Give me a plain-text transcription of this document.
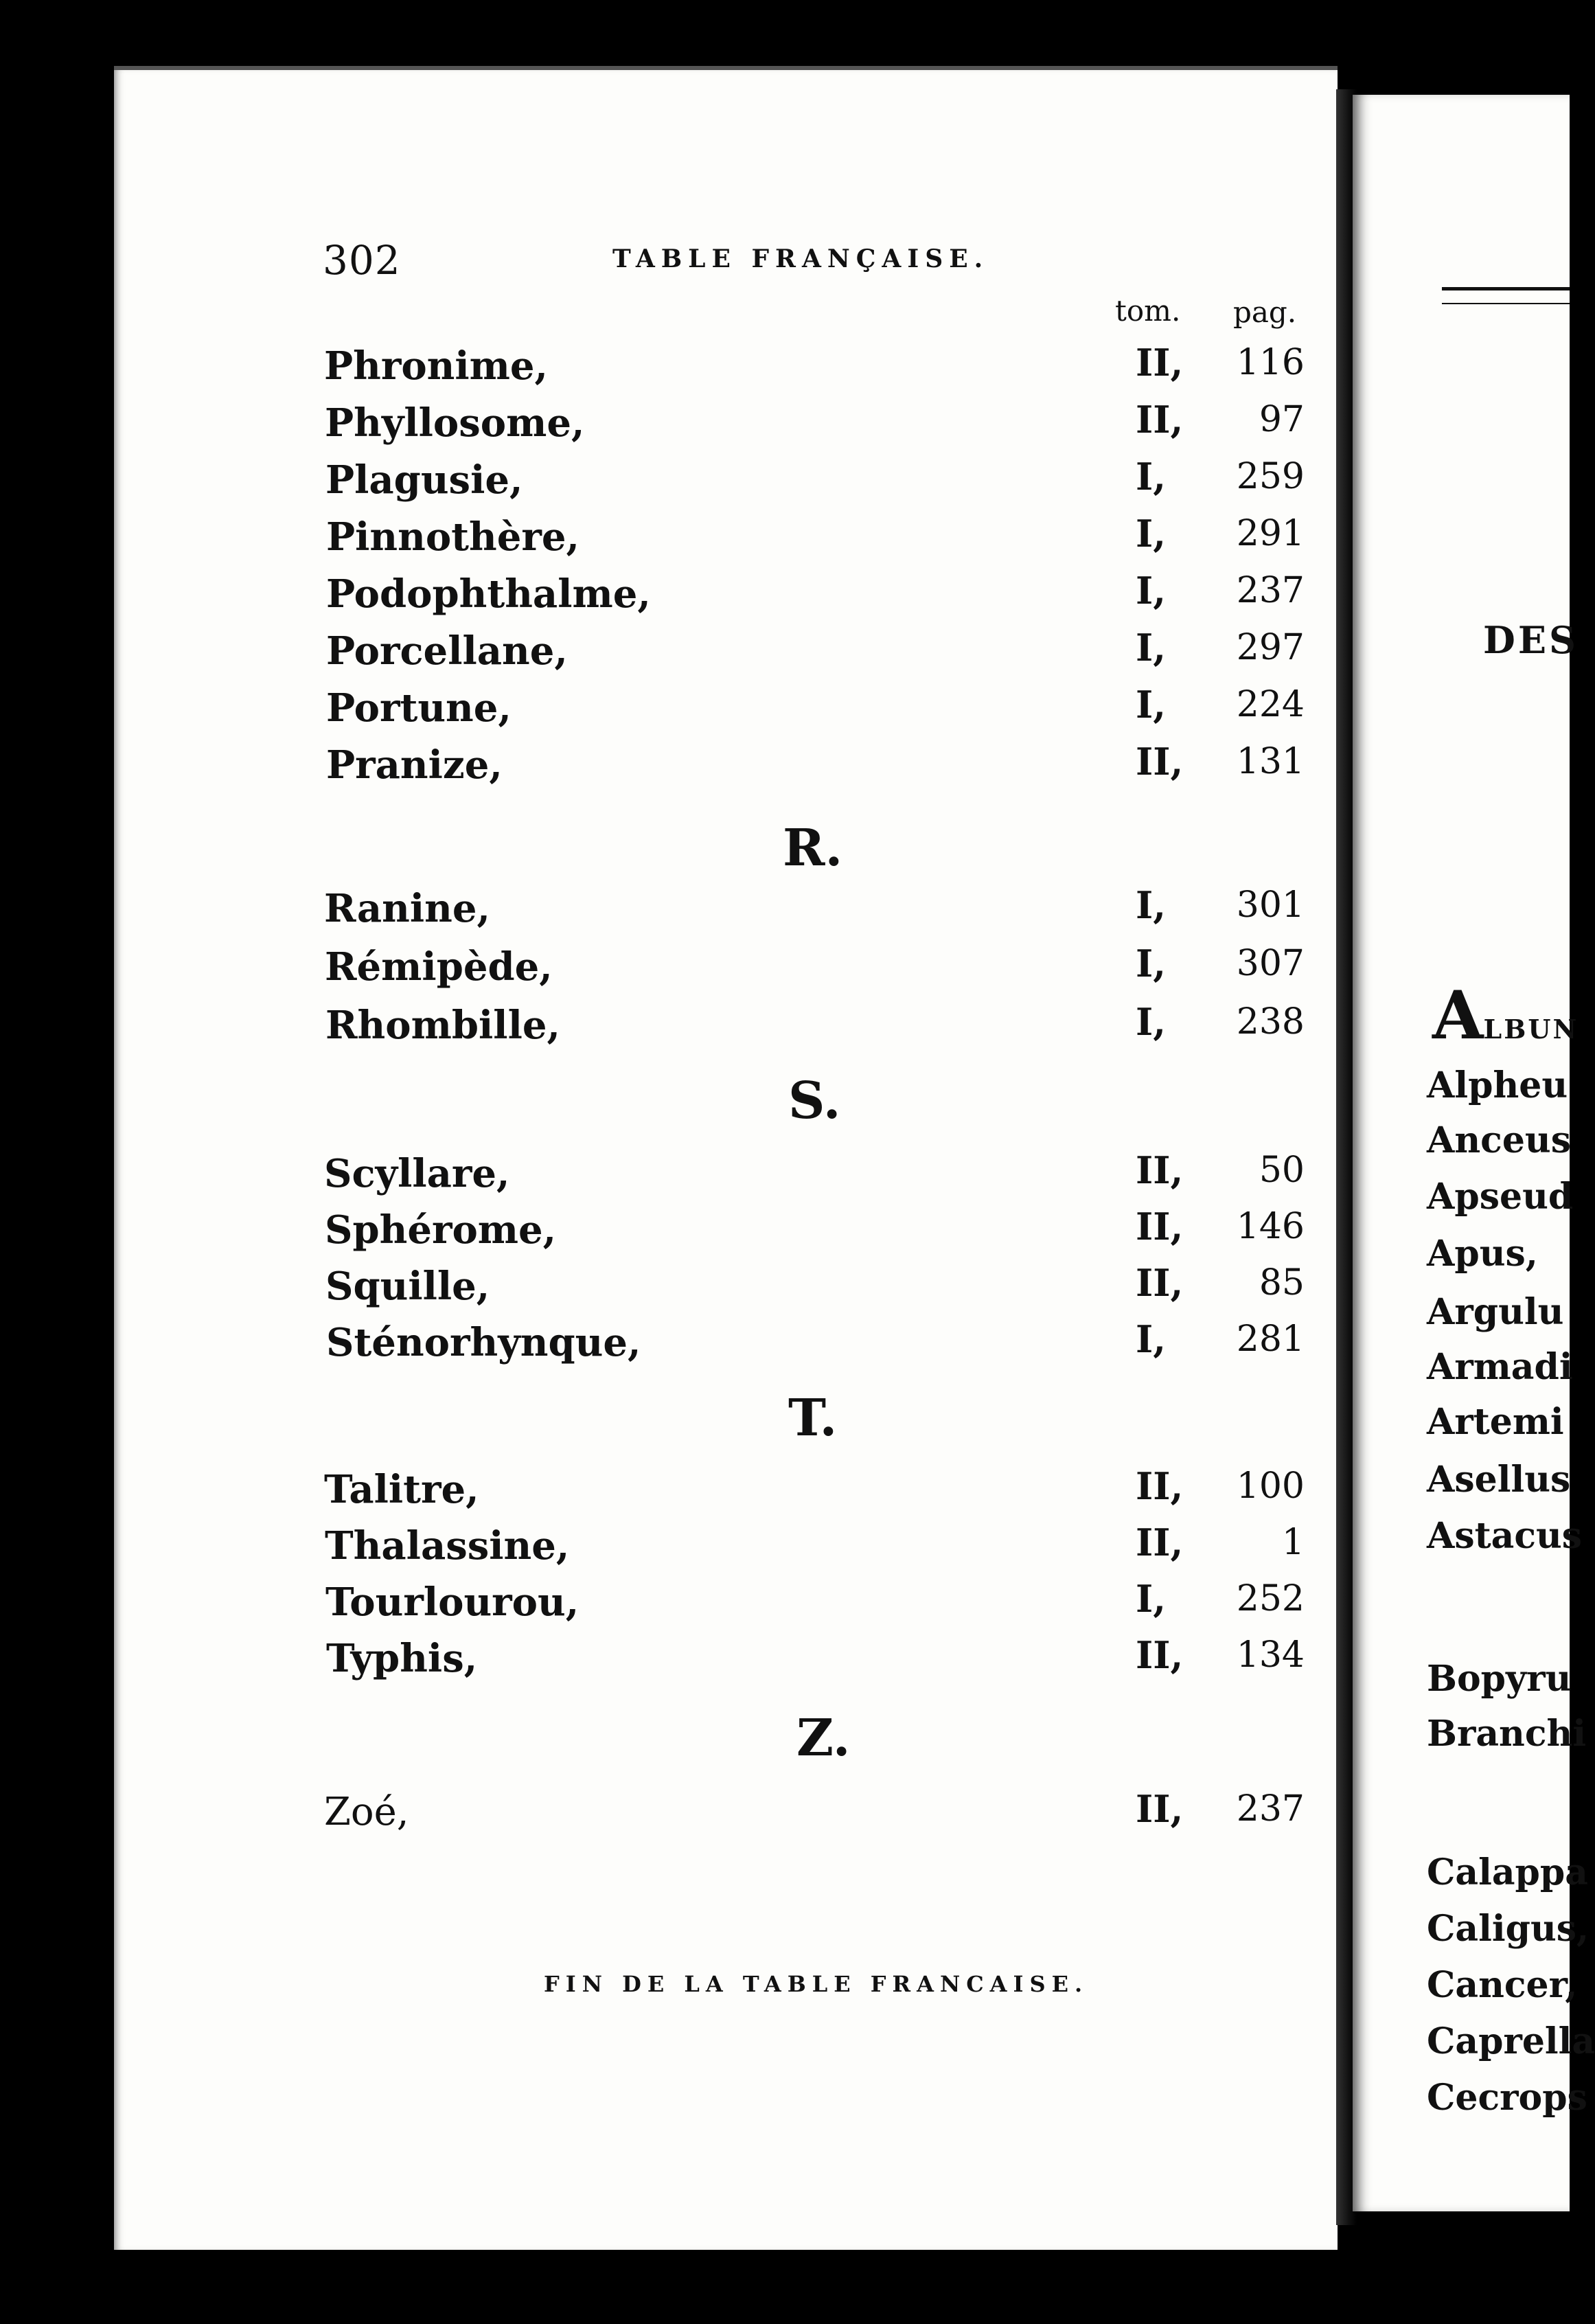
302	TABLE FRANÇAISE.
tom. pag.
Phronime,	II,	116
Phyllosome,	II,	97
Plagusie,	I,	259
Pinnothère,	I,	291
Podophthalme,	I,	237
Porcellane,	I,	297
Portune,	I,	224
Pranize,	II,	131
Ranine,	I,	301
Rémipède,	I,	307
Rhombille,	I,	238
Scyllare,	II,	50
Sphérome,	II,	146
Squille,	II,	85
Sténorhynque,	I,	281
Talitre,	II,	100
Thalassine,	II,	1
Tourlourou,	I,	252
Typhis,	II,	134
Zoé,	II,	237
R.
S.
T.
Z.
FIN DE LA TABLE FRANCAISE.
DES
ALBUN
Alpheu
Anceus
Apseud
Apus,
Argulu
Armadi
Artemi
Asellus
Astacus
Bopyru
Branchi
Calappa
Caligus,
Cancer,
Caprella
Cecrops
